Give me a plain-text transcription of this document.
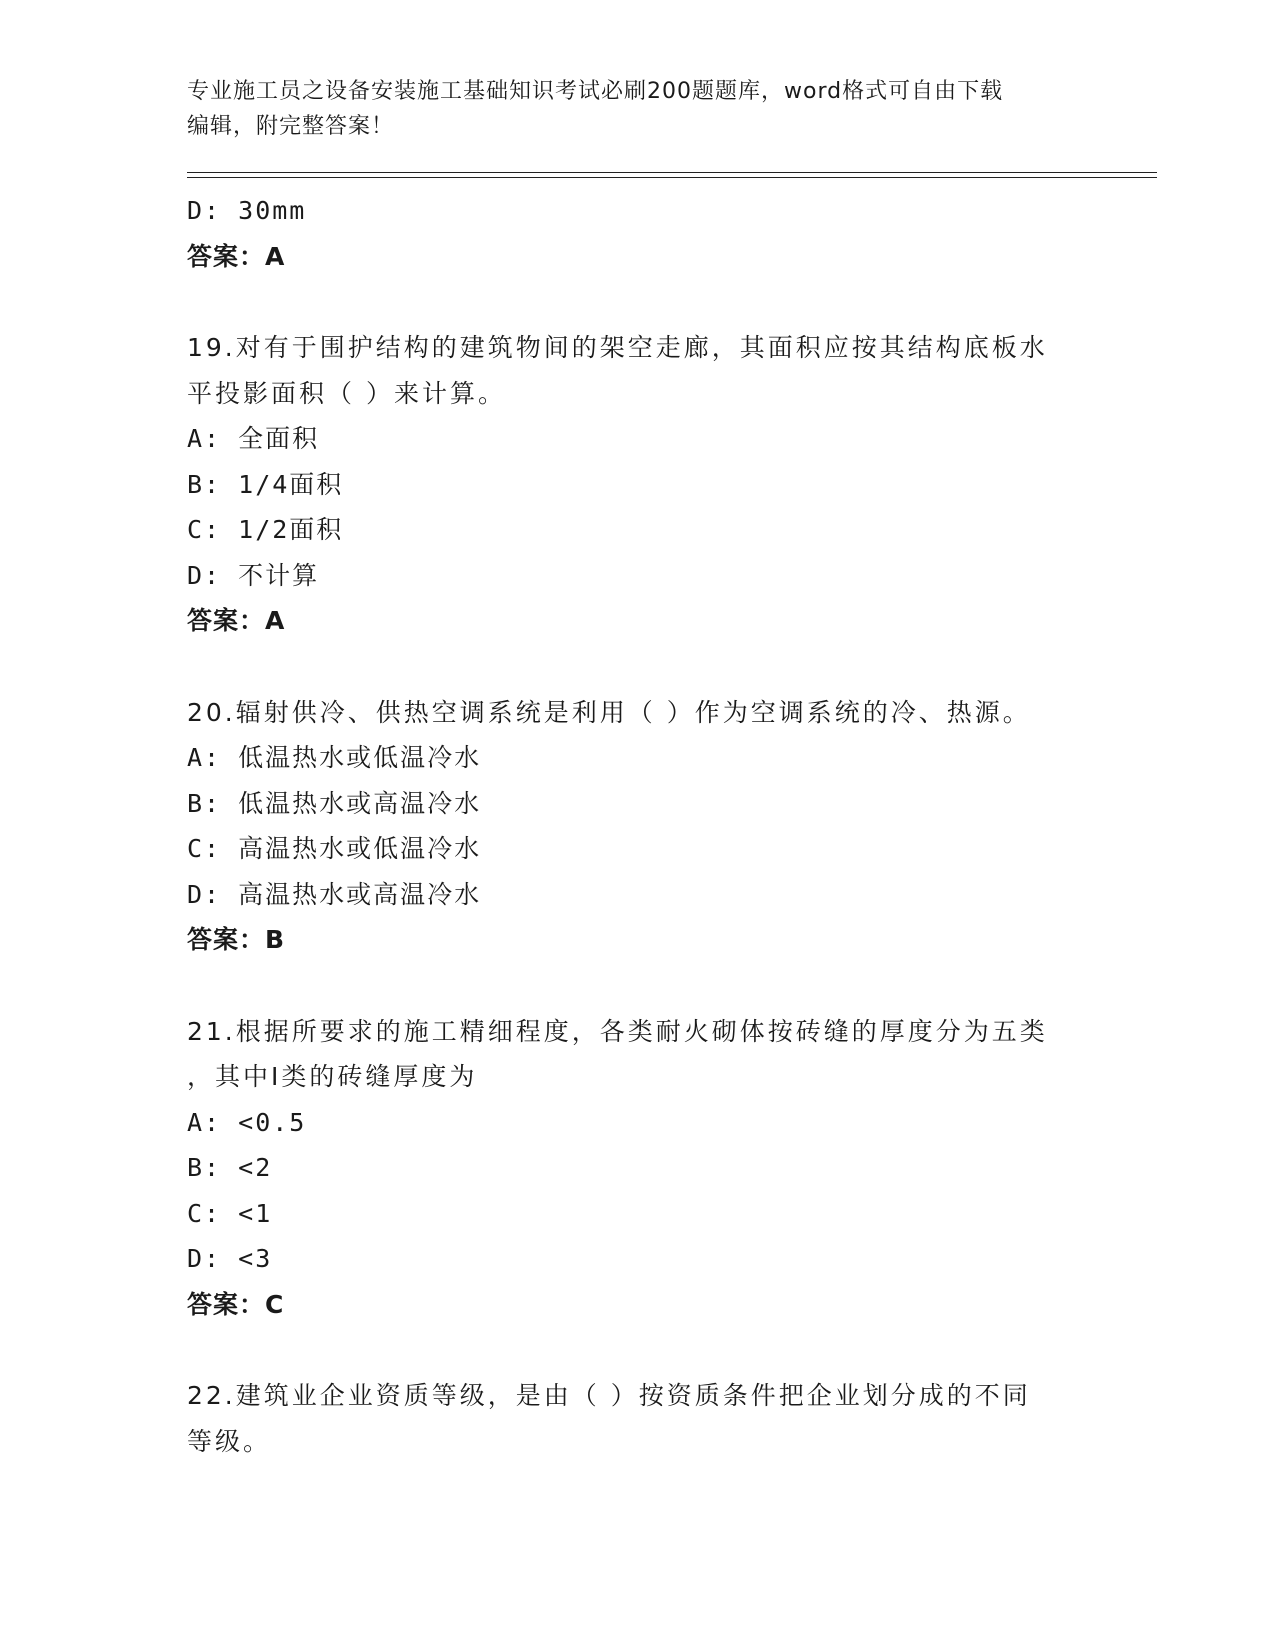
专业施工员之设备安装施工基础知识考试必刷200题题库，word格式可自由下载
编辑，附完整答案！
D: 30mm
答案：A
19.对有于围护结构的建筑物间的架空走廊，其面积应按其结构底板水
平投影面积（ ）来计算。
A: 全面积
B: 1/4面积
C: 1/2面积
D: 不计算
答案：A
20.辐射供冷、供热空调系统是利用（ ）作为空调系统的冷、热源。
A: 低温热水或低温冷水
B: 低温热水或高温冷水
C: 高温热水或低温冷水
D: 高温热水或高温冷水
答案：B
21.根据所要求的施工精细程度，各类耐火砌体按砖缝的厚度分为五类
，其中I类的砖缝厚度为
A: <0.5
B: <2
C: <1
D: <3
答案：C
22.建筑业企业资质等级，是由（ ）按资质条件把企业划分成的不同
等级。
